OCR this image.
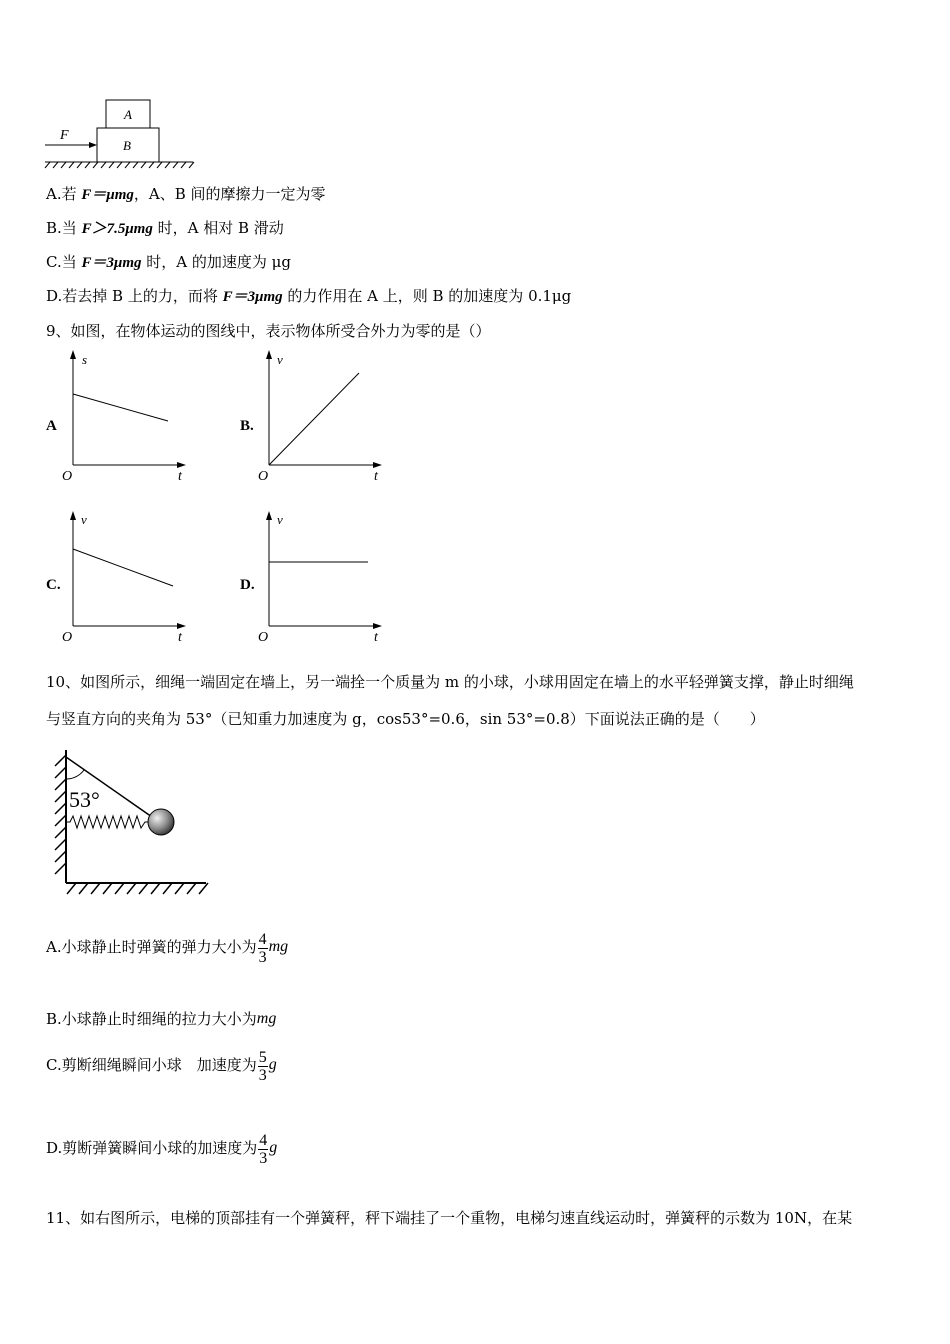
A
B
F
A.若 F＝μmg，A、B 间的摩擦力一定为零
B.当 F＞7.5μmg 时，A 相对 B 滑动
C.当 F＝3μmg 时，A 的加速度为 μg
D.若去掉 B 上的力，而将 F＝3μmg 的力作用在 A 上，则 B 的加速度为 0.1μg
9、如图，在物体运动的图线中，表示物体所受合外力为零的是（）
A
s
t
O
B.
v
t
O
C.
v
t
O
D.
v
t
O
10、如图所示，细绳一端固定在墙上，另一端拴一个质量为 m 的小球，小球用固定在墙上的水平轻弹簧支撑，静止时细绳
与竖直方向的夹角为 53°（已知重力加速度为 g，cos53°=0.6，sin 53°=0.8）下面说法正确的是（　　）
53°
A.小球静止时弹簧的弹力大小为 $\frac{4}{3}$ mg
B.小球静止时细绳的拉力大小为mg
C.剪断细绳瞬间小球　加速度为 $\frac{5}{3}$ g
D.剪断弹簧瞬间小球的加速度为 $\frac{4}{3}$ g
11、如右图所示，电梯的顶部挂有一个弹簧秤，秤下端挂了一个重物，电梯匀速直线运动时，弹簧秤的示数为 10N，在某
